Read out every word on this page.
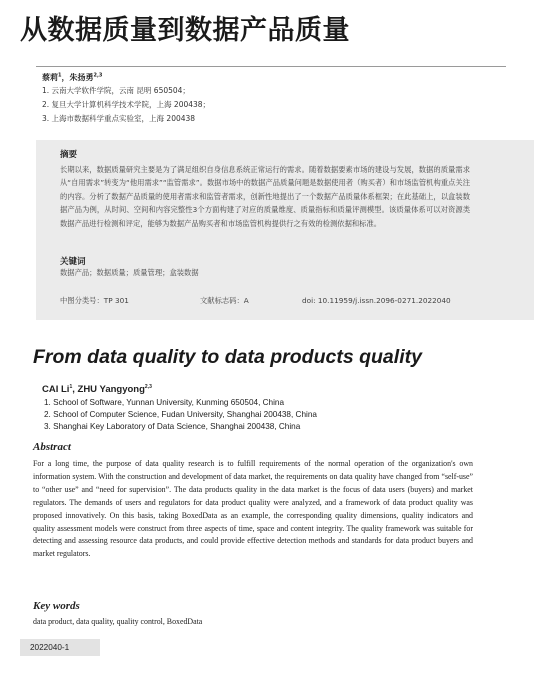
从数据质量到数据产品质量
蔡莉$^1$，朱扬勇$^{2,3}$
1. 云南大学软件学院，云南 昆明 650504；
2. 复旦大学计算机科学技术学院，上海 200438；
3. 上海市数据科学重点实验室，上海 200438
摘要
长期以来，数据质量研究主要是为了满足组织自身信息系统正常运行的需求。随着数据要素市场的建设与发展，数据的质量需求从“自用需求”转变为“他用需求”“监管需求”。数据市场中的数据产品质量问题是数据使用者（购买者）和市场监管机构重点关注的内容。分析了数据产品质量的使用者需求和监管者需求，创新性地提出了一个数据产品质量体系框架；在此基础上，以盒装数据产品为例，从时间、空间和内容完整性3个方面构建了对应的质量维度、质量指标和质量评测模型。该质量体系可以对资源类数据产品进行检测和评定，能够为数据产品购买者和市场监管机构提供行之有效的检测依据和标准。
关键词
数据产品；数据质量；质量管理；盒装数据
中图分类号：TP 301	文献标志码：A	doi: 10.11959/j.issn.2096-0271.2022040
From data quality to data products quality
CAI Li$^1$, ZHU Yangyong$^{2,3}$
1. School of Software, Yunnan University, Kunming 650504, China
2. School of Computer Science, Fudan University, Shanghai 200438, China
3. Shanghai Key Laboratory of Data Science, Shanghai 200438, China
Abstract
For a long time, the purpose of data quality research is to fulfill requirements of the normal operation of the organization's own information system. With the construction and development of data market, the requirements on data quality have changed from “self-use” to “other use” and “need for supervision”. The data products quality in the data market is the focus of data users (buyers) and market regulators. The demands of users and regulators for data product quality were analyzed, and a framework of data product quality was proposed innovatively. On this basis, taking BoxedData as an example, the corresponding quality dimensions, quality indicators and quality assessment models were construct from three aspects of time, space and content integrity. The quality framework was suitable for detecting and assessing resource data products, and could provide effective detection methods and standards for data product buyers and market regulators.
Key words
data product, data quality, quality control, BoxedData
2022040-1
